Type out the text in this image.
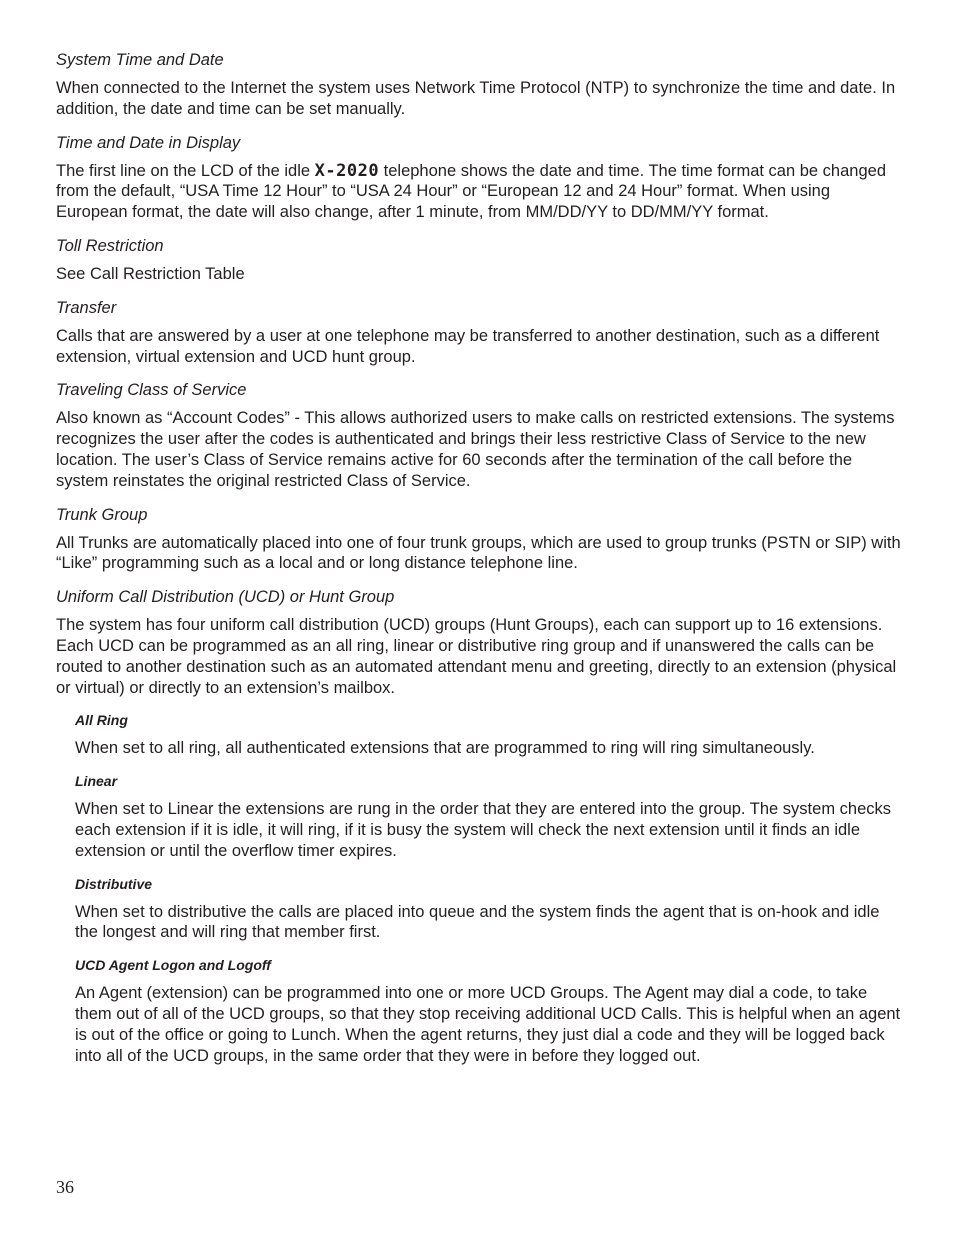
System Time and Date
When connected to the Internet the system uses Network Time Protocol (NTP) to synchronize the time and date. In addition, the date and time can be set manually.
Time and Date in Display
The first line on the LCD of the idle X-2020 telephone shows the date and time. The time format can be changed from the default, “USA Time 12 Hour” to “USA 24 Hour” or “European 12 and 24 Hour” format. When using European format, the date will also change, after 1 minute, from MM/DD/YY to DD/MM/YY format.
Toll Restriction
See Call Restriction Table
Transfer
Calls that are answered by a user at one telephone may be transferred to another destination, such as a different extension, virtual extension and UCD hunt group.
Traveling Class of Service
Also known as “Account Codes” - This allows authorized users to make calls on restricted extensions. The systems recognizes the user after the codes is authenticated and brings their less restrictive Class of Service to the new location. The user’s Class of Service remains active for 60 seconds after the termination of the call before the system reinstates the original restricted Class of Service.
Trunk Group
All Trunks are automatically placed into one of four trunk groups, which are used to group trunks (PSTN or SIP) with “Like” programming such as a local and or long distance telephone line.
Uniform Call Distribution (UCD) or Hunt Group
The system has four uniform call distribution (UCD) groups (Hunt Groups), each can support up to 16 extensions. Each UCD can be programmed as an all ring, linear or distributive ring group and if unanswered the calls can be routed to another destination such as an automated attendant menu and greeting, directly to an extension (physical or virtual) or directly to an extension’s mailbox.
All Ring
When set to all ring, all authenticated extensions that are programmed to ring will ring simultaneously.
Linear
When set to Linear the extensions are rung in the order that they are entered into the group. The system checks each extension if it is idle, it will ring, if it is busy the system will check the next extension until it finds an idle extension or until the overflow timer expires.
Distributive
When set to distributive the calls are placed into queue and the system finds the agent that is on-hook and idle the longest and will ring that member first.
UCD Agent Logon and Logoff
An Agent (extension) can be programmed into one or more UCD Groups. The Agent may dial a code, to take them out of all of the UCD groups, so that they stop receiving additional UCD Calls. This is helpful when an agent is out of the office or going to Lunch. When the agent returns, they just dial a code and they will be logged back into all of the UCD groups, in the same order that they were in before they logged out.
36
